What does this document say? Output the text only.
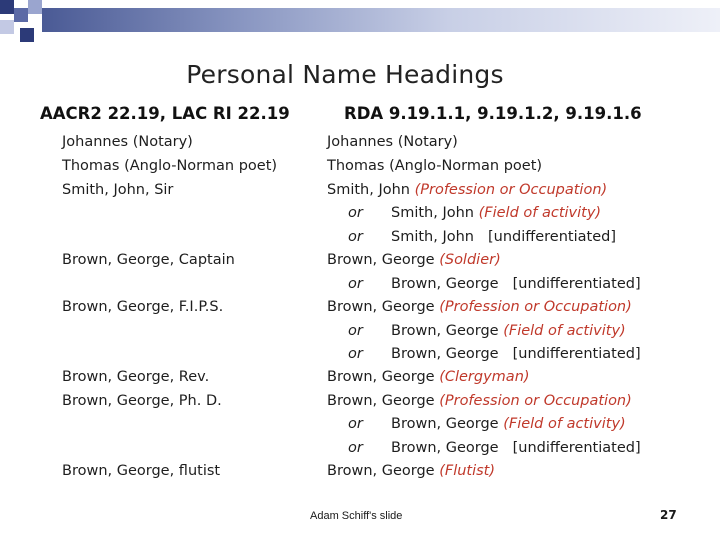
Personal Name Headings
AACR2 22.19, LAC RI 22.19	RDA 9.19.1.1, 9.19.1.2, 9.19.1.6
Johannes (Notary)
Thomas (Anglo-Norman poet)
Smith, John, Sir
Brown, George, Captain
Brown, George, F.I.P.S.
Brown, George, Rev.
Brown, George, Ph. D.
Brown, George, flutist
Johannes (Notary)
Thomas (Anglo-Norman poet)
Smith, John (Profession or Occupation)
or Smith, John (Field of activity)
or Smith, John [undifferentiated]
Brown, George (Soldier)
or Brown, George [undifferentiated]
Brown, George (Profession or Occupation)
or Brown, George (Field of activity)
or Brown, George [undifferentiated]
Brown, George (Clergyman)
Brown, George (Profession or Occupation)
or Brown, George (Field of activity)
or Brown, George [undifferentiated]
Brown, George (Flutist)
Adam Schiff's slide	27
